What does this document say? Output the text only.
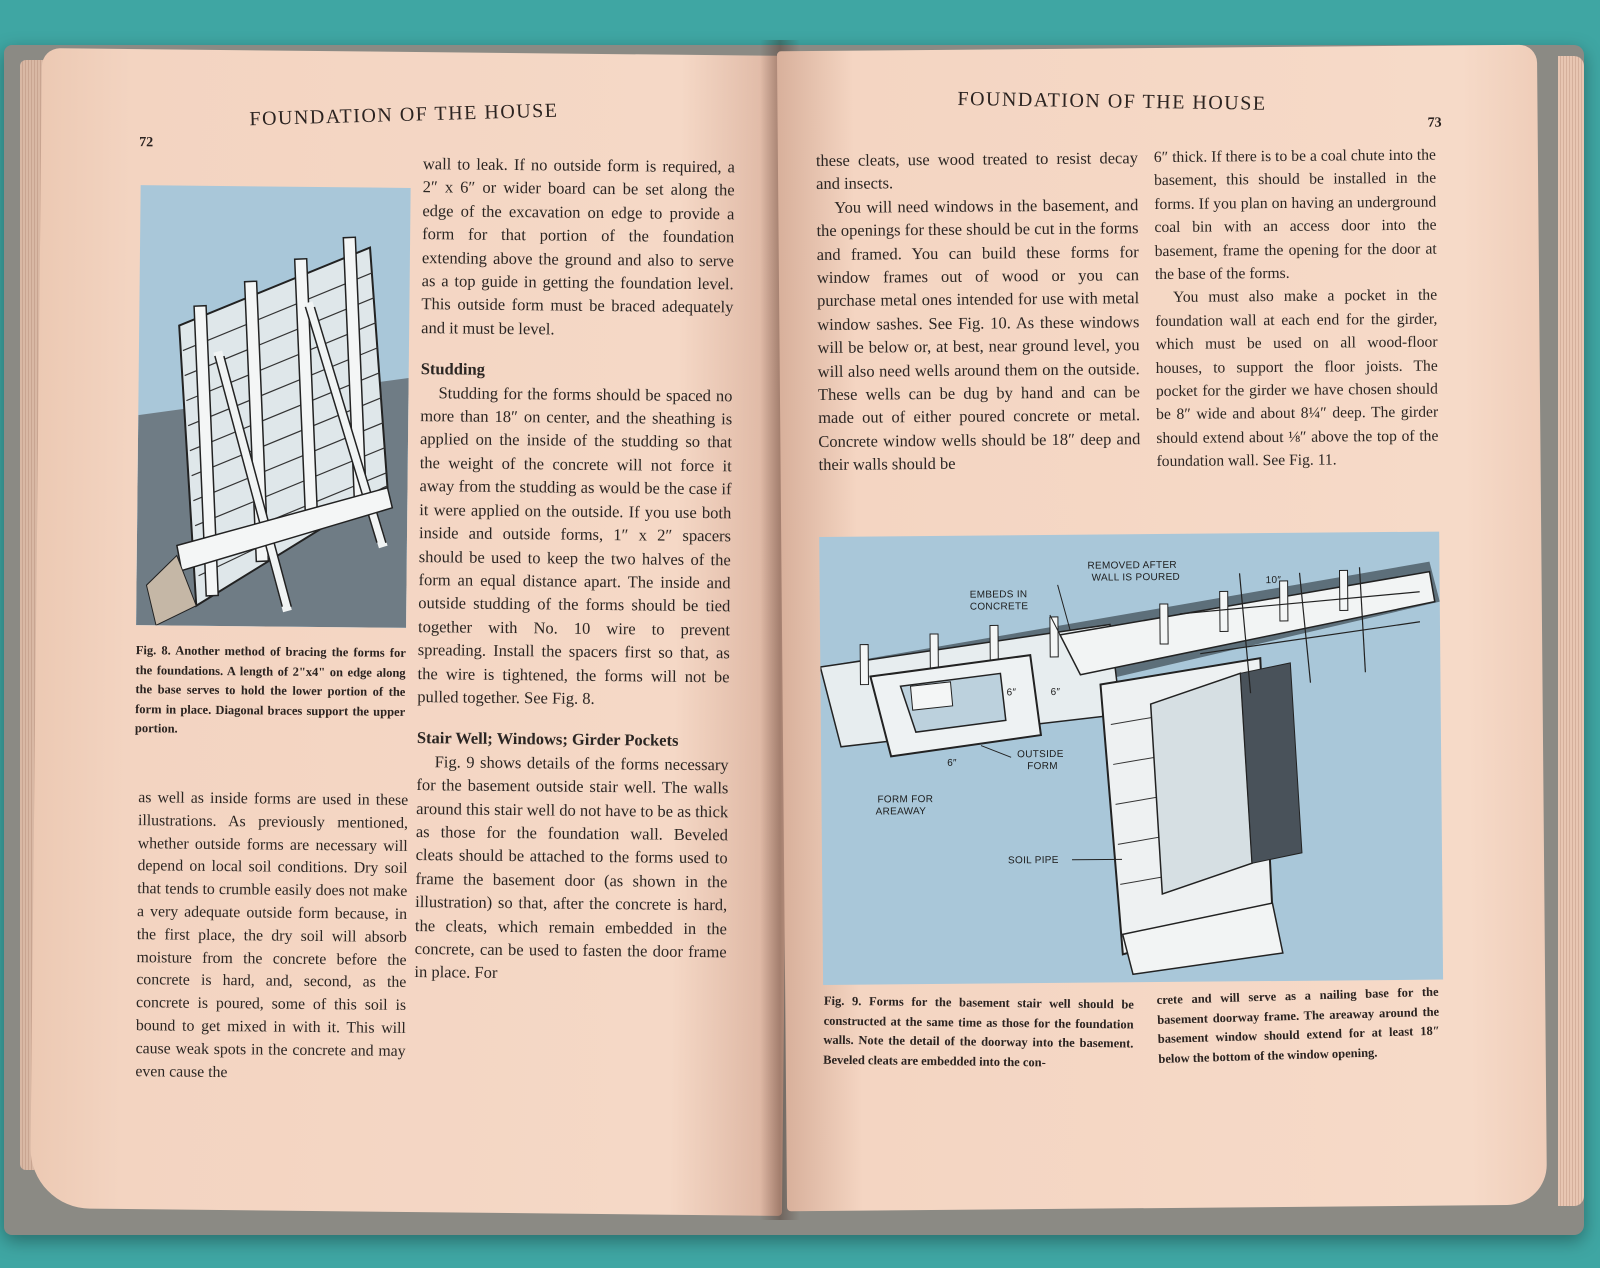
FOUNDATION OF THE HOUSE
72
Fig. 8. Another method of bracing the forms for the foundations. A length of 2"x4" on edge along the base serves to hold the lower portion of the form in place. Diagonal braces support the upper portion.

as well as inside forms are used in these illustrations. As previously mentioned, whether outside forms are necessary will depend on local soil conditions. Dry soil that tends to crumble easily does not make a very adequate outside form because, in the first place, the dry soil will absorb moisture from the concrete before the concrete is hard, and, second, as the concrete is poured, some of this soil is bound to get mixed in with it. This will cause weak spots in the concrete and may even cause the

wall to leak. If no outside form is required, a 2″ x 6″ or wider board can be set along the edge of the excavation on edge to provide a form for that portion of the foundation extending above the ground and also to serve as a top guide in getting the foundation level. This outside form must be braced adequately and it must be level.

Studding

Studding for the forms should be spaced no more than 18″ on center, and the sheathing is applied on the inside of the studding so that the weight of the concrete will not force it away from the studding as would be the case if it were applied on the outside. If you use both inside and outside forms, 1″ x 2″ spacers should be used to keep the two halves of the form an equal distance apart. The inside and outside studding of the forms should be tied together with No. 10 wire to prevent spreading. Install the spacers first so that, as the wire is tightened, the forms will not be pulled together. See Fig. 8.

Stair Well; Windows; Girder Pockets

Fig. 9 shows details of the forms necessary for the basement outside stair well. The walls around this stair well do not have to be as thick as those for the foundation wall. Beveled cleats should be attached to the forms used to frame the basement door (as shown in the illustration) so that, after the concrete is hard, the cleats, which remain embedded in the concrete, can be used to fasten the door frame in place. For

FOUNDATION OF THE HOUSE
73

these cleats, use wood treated to resist decay and insects.

You will need windows in the basement, and the openings for these should be cut in the forms and framed. You can build these forms for window frames out of wood or you can purchase metal ones intended for use with metal window sashes. See Fig. 10. As these windows will be below or, at best, near ground level, you will also need wells around them on the outside. These wells can be dug by hand and can be made out of either poured concrete or metal. Concrete window wells should be 18″ deep and their walls should be

6″ thick. If there is to be a coal chute into the basement, this should be installed in the forms. If you plan on having an underground coal bin with an access door into the basement, frame the opening for the door at the base of the forms.

You must also make a pocket in the foundation wall at each end for the girder, which must be used on all wood-floor houses, to support the floor joists. The pocket for the girder we have chosen should be 8″ wide and about 8¼″ deep. The girder should extend about ⅛″ above the top of the foundation wall. See Fig. 11.

REMOVED AFTER
WALL IS POURED
EMBEDS IN
CONCRETE
OUTSIDE
FORM
FORM FOR
AREAWAY
SOIL PIPE
10″
6″	6″
6″
Fig. 9. Forms for the basement stair well should be constructed at the same time as those for the foundation walls. Note the detail of the doorway into the basement. Beveled cleats are embedded into the con-
crete and will serve as a nailing base for the basement doorway frame. The areaway around the basement window should extend for at least 18″ below the bottom of the window opening.
